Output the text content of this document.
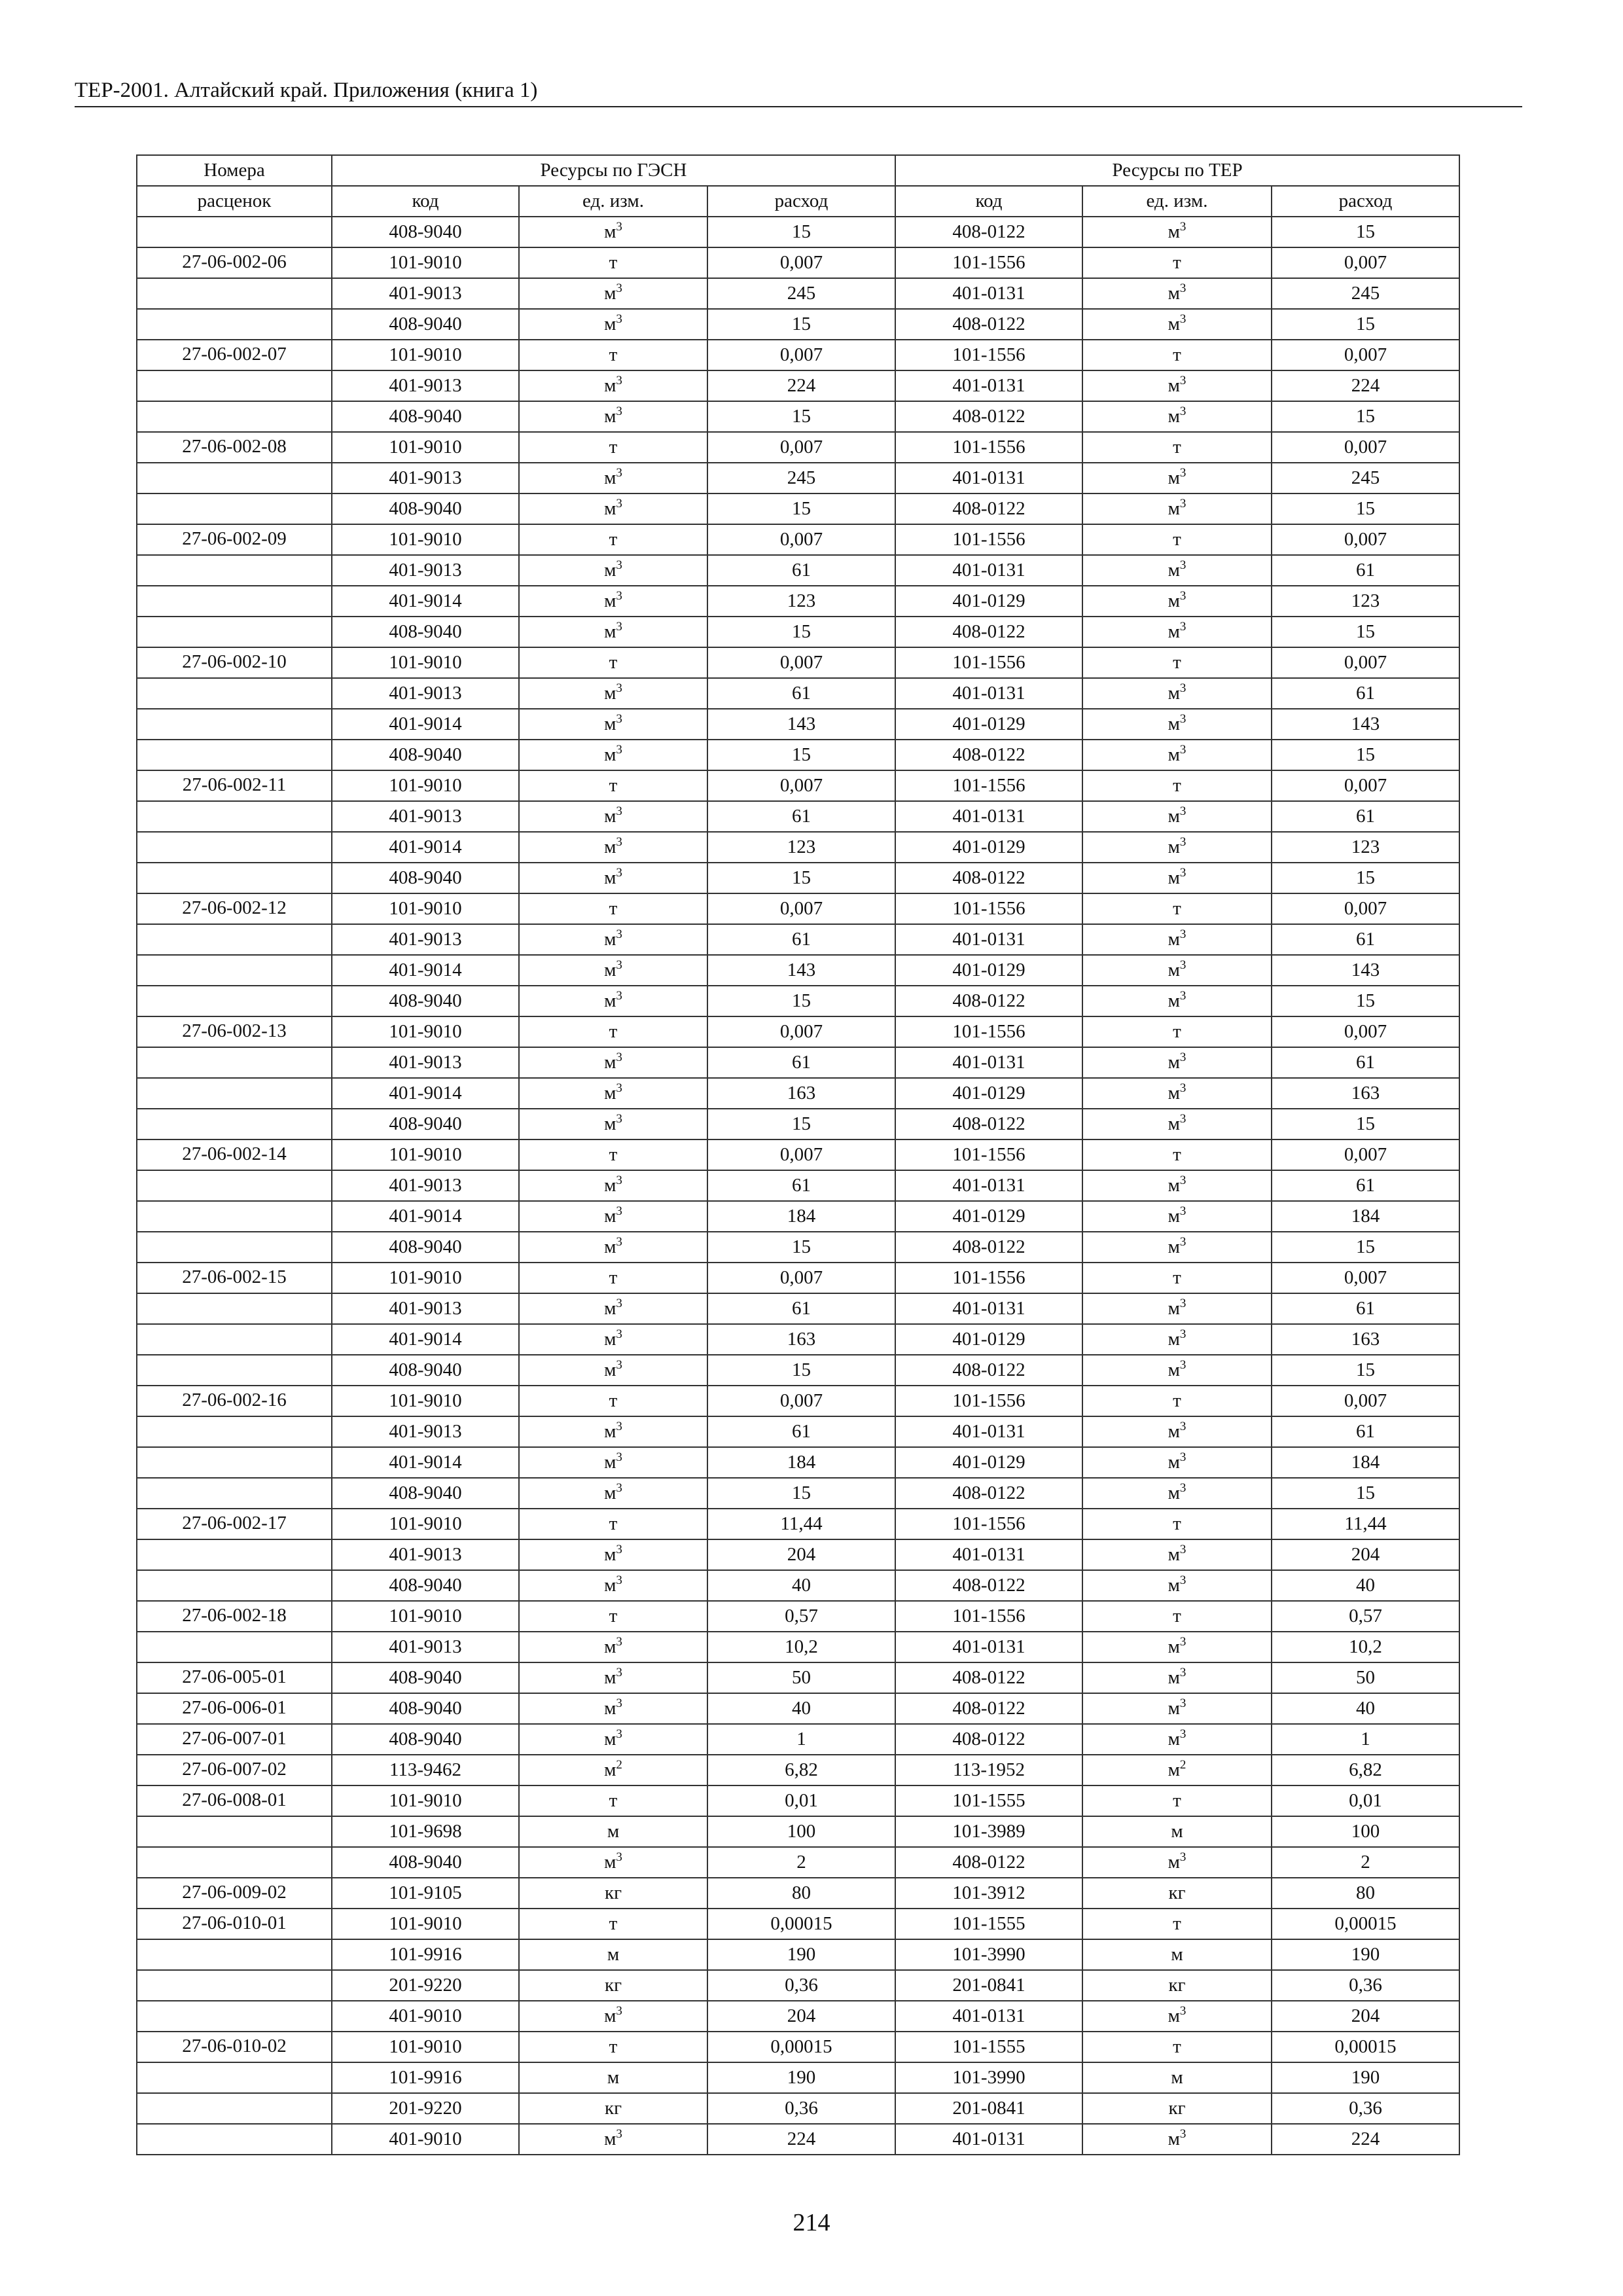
ТЕР-2001. Алтайский край. Приложения (книга 1)
Номера	Ресурсы по ГЭСН			Ресурсы по ТЕР		
расценок	код	ед. изм.	расход	код	ед. изм.	расход
	408-9040	$м^3$	15	408-0122	$м^3$	15
27-06-002-06	101-9010	т	0,007	101-1556	т	0,007
	401-9013	$м^3$	245	401-0131	$м^3$	245
	408-9040	$м^3$	15	408-0122	$м^3$	15
27-06-002-07	101-9010	т	0,007	101-1556	т	0,007
	401-9013	$м^3$	224	401-0131	$м^3$	224
	408-9040	$м^3$	15	408-0122	$м^3$	15
27-06-002-08	101-9010	т	0,007	101-1556	т	0,007
	401-9013	$м^3$	245	401-0131	$м^3$	245
	408-9040	$м^3$	15	408-0122	$м^3$	15
27-06-002-09	101-9010	т	0,007	101-1556	т	0,007
	401-9013	$м^3$	61	401-0131	$м^3$	61
	401-9014	$м^3$	123	401-0129	$м^3$	123
	408-9040	$м^3$	15	408-0122	$м^3$	15
27-06-002-10	101-9010	т	0,007	101-1556	т	0,007
	401-9013	$м^3$	61	401-0131	$м^3$	61
	401-9014	$м^3$	143	401-0129	$м^3$	143
	408-9040	$м^3$	15	408-0122	$м^3$	15
27-06-002-11	101-9010	т	0,007	101-1556	т	0,007
	401-9013	$м^3$	61	401-0131	$м^3$	61
	401-9014	$м^3$	123	401-0129	$м^3$	123
	408-9040	$м^3$	15	408-0122	$м^3$	15
27-06-002-12	101-9010	т	0,007	101-1556	т	0,007
	401-9013	$м^3$	61	401-0131	$м^3$	61
	401-9014	$м^3$	143	401-0129	$м^3$	143
	408-9040	$м^3$	15	408-0122	$м^3$	15
27-06-002-13	101-9010	т	0,007	101-1556	т	0,007
	401-9013	$м^3$	61	401-0131	$м^3$	61
	401-9014	$м^3$	163	401-0129	$м^3$	163
	408-9040	$м^3$	15	408-0122	$м^3$	15
27-06-002-14	101-9010	т	0,007	101-1556	т	0,007
	401-9013	$м^3$	61	401-0131	$м^3$	61
	401-9014	$м^3$	184	401-0129	$м^3$	184
	408-9040	$м^3$	15	408-0122	$м^3$	15
27-06-002-15	101-9010	т	0,007	101-1556	т	0,007
	401-9013	$м^3$	61	401-0131	$м^3$	61
	401-9014	$м^3$	163	401-0129	$м^3$	163
	408-9040	$м^3$	15	408-0122	$м^3$	15
27-06-002-16	101-9010	т	0,007	101-1556	т	0,007
	401-9013	$м^3$	61	401-0131	$м^3$	61
	401-9014	$м^3$	184	401-0129	$м^3$	184
	408-9040	$м^3$	15	408-0122	$м^3$	15
27-06-002-17	101-9010	т	11,44	101-1556	т	11,44
	401-9013	$м^3$	204	401-0131	$м^3$	204
	408-9040	$м^3$	40	408-0122	$м^3$	40
27-06-002-18	101-9010	т	0,57	101-1556	т	0,57
	401-9013	$м^3$	10,2	401-0131	$м^3$	10,2
27-06-005-01	408-9040	$м^3$	50	408-0122	$м^3$	50
27-06-006-01	408-9040	$м^3$	40	408-0122	$м^3$	40
27-06-007-01	408-9040	$м^3$	1	408-0122	$м^3$	1
27-06-007-02	113-9462	$м^2$	6,82	113-1952	$м^2$	6,82
27-06-008-01	101-9010	т	0,01	101-1555	т	0,01
	101-9698	м	100	101-3989	м	100
	408-9040	$м^3$	2	408-0122	$м^3$	2
27-06-009-02	101-9105	кг	80	101-3912	кг	80
27-06-010-01	101-9010	т	0,00015	101-1555	т	0,00015
	101-9916	м	190	101-3990	м	190
	201-9220	кг	0,36	201-0841	кг	0,36
	401-9010	$м^3$	204	401-0131	$м^3$	204
27-06-010-02	101-9010	т	0,00015	101-1555	т	0,00015
	101-9916	м	190	101-3990	м	190
	201-9220	кг	0,36	201-0841	кг	0,36
	401-9010	$м^3$	224	401-0131	$м^3$	224
214
